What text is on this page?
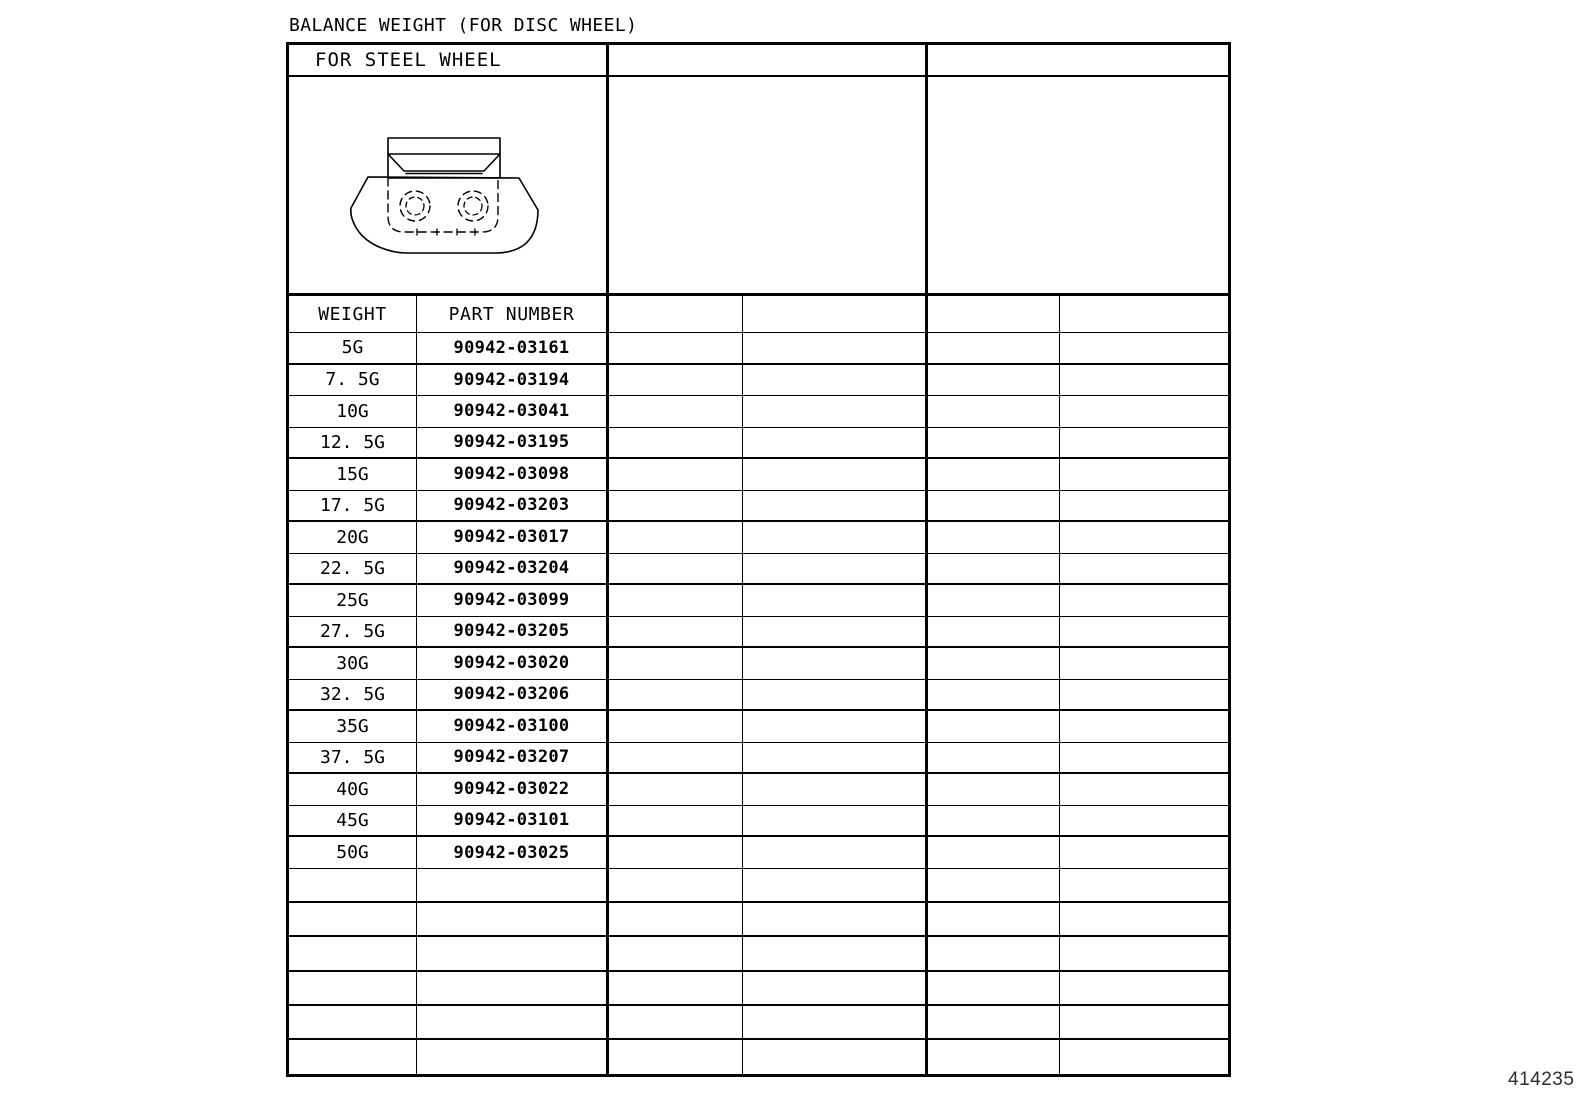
BALANCE WEIGHT (FOR DISC WHEEL)
FOR STEEL WHEEL
WEIGHT	PART NUMBER
5G	90942-03161
7. 5G	90942-03194
10G	90942-03041
12. 5G	90942-03195
15G	90942-03098
17. 5G	90942-03203
20G	90942-03017
22. 5G	90942-03204
25G	90942-03099
27. 5G	90942-03205
30G	90942-03020
32. 5G	90942-03206
35G	90942-03100
37. 5G	90942-03207
40G	90942-03022
45G	90942-03101
50G	90942-03025
414235
